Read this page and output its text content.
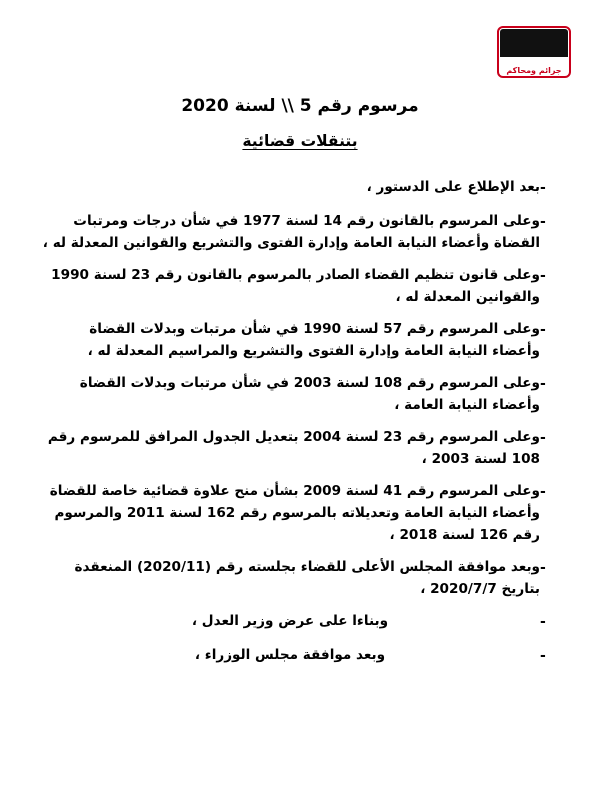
جرائم ومحاكم
مرسوم رقم 5 \\ لسنة 2020
بتنقلات قضائية
-
بعد الإطلاع على الدستور ،
-
وعلى المرسوم بالقانون رقم 14 لسنة 1977 في شأن درجات ومرتبات القضاة وأعضاء النيابة العامة وإدارة الفتوى والتشريع والقوانين المعدلة له ،
-
وعلى قانون تنظيم القضاء الصادر بالمرسوم بالقانون رقم 23 لسنة 1990 والقوانين المعدلة له ،
-
وعلى المرسوم رقم 57 لسنة 1990 في شأن مرتبات وبدلات القضاة وأعضاء النيابة العامة وإدارة الفتوى والتشريع والمراسيم المعدلة له ،
-
وعلى المرسوم رقم 108 لسنة 2003 في شأن مرتبات وبدلات القضاة وأعضاء النيابة العامة ،
-
وعلى المرسوم رقم 23 لسنة 2004 بتعديل الجدول المرافق للمرسوم رقم 108 لسنة 2003 ،
-
وعلى المرسوم رقم 41 لسنة 2009 بشأن منح علاوة قضائية خاصة للقضاة وأعضاء النيابة العامة وتعديلاته بالمرسوم رقم 162 لسنة 2011 والمرسوم رقم 126 لسنة 2018 ،
-
وبعد موافقة المجلس الأعلى للقضاء بجلسته رقم (2020/11) المنعقدة بتاريخ 2020/7/7 ،
-
وبناءا على عرض وزير العدل ،
-
وبعد موافقة مجلس الوزراء ،
